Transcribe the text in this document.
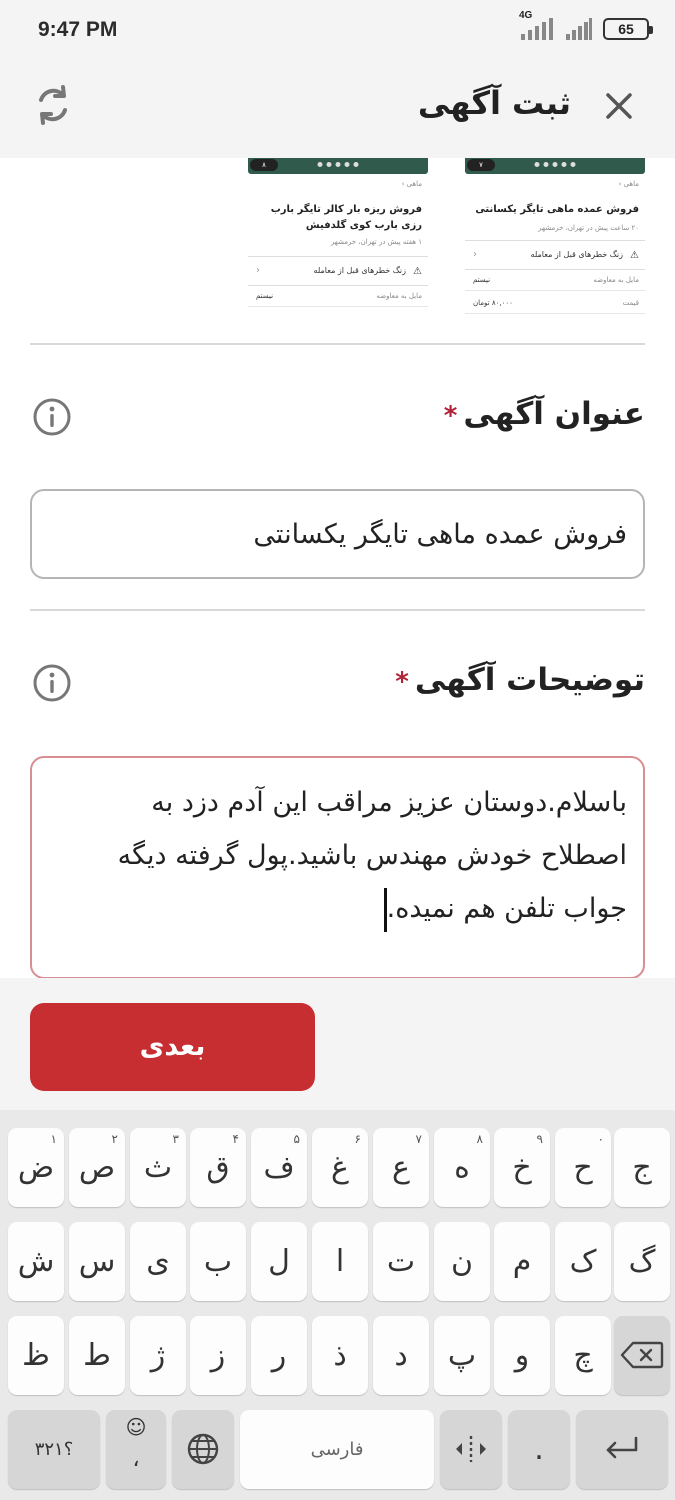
9:47 PM
4G
65
ثبت آگهی
۷
ماهی ›
فروش عمده ماهی تایگر یکسانتی
۲۰ ساعت پیش در تهران، خرمشهر
⚠
زنگ خطرهای قبل از معامله
‹
مایل به معاوضه
نیستم
قیمت
۸۰,۰۰۰ تومان
۸
ماهی ›
فروش ریزه بار کالر تایگر بارب رزی بارب کوی گلدفیش
۱ هفته پیش در تهران، خرمشهر
⚠
زنگ خطرهای قبل از معامله
‹
مایل به معاوضه
نیستم
عنوان آگهی*
فروش عمده ماهی تایگر یکسانتی
توضیحات آگهی*
باسلام.دوستان عزیز مراقب این آدم دزد به اصطلاح خودش مهندس باشید.پول گرفته دیگه جواب تلفن هم نمیده.
بعدی
ض
۱
ص
۲
ث
۳
ق
۴
ف
۵
غ
۶
ع
۷
ه
۸
خ
۹
ح
۰
ج
ش س	ی	ب	ل	ا	ت	ن	م	ک	گ
ظ	ط	ژ	ز	ر	ذ	د	پ	و	چ
؟۳۲۱
☺
،	فارسی	.
